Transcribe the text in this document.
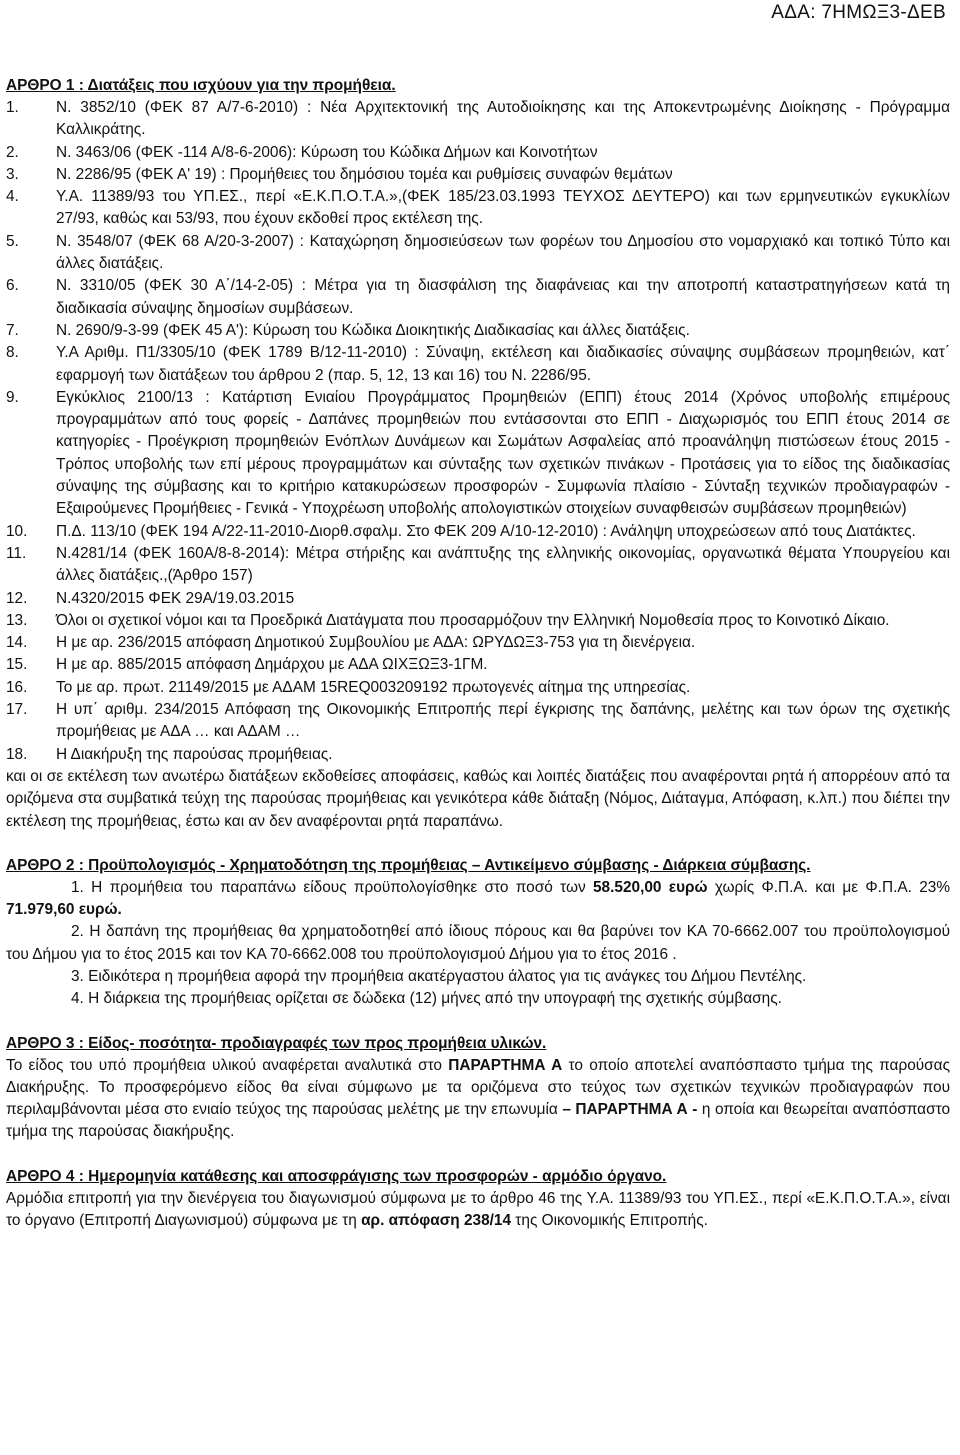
ΑΔΑ: 7ΗΜΩΞ3-ΔΕΒ

ΑΡΘΡΟ 1 : Διατάξεις που ισχύουν για την προμήθεια.

1.	Ν. 3852/10 (ΦΕΚ 87 Α/7-6-2010) : Νέα Αρχιτεκτονική της Αυτοδιοίκησης και της Αποκεντρωμένης Διοίκησης - Πρόγραμμα Καλλικράτης.
2.	Ν. 3463/06 (ΦΕΚ -114 Α/8-6-2006): Κύρωση του Κώδικα Δήμων και Κοινοτήτων
3.	Ν. 2286/95 (ΦΕΚ Α' 19) : Προμήθειες του δημόσιου τομέα και ρυθμίσεις συναφών θεμάτων
4.	Υ.Α. 11389/93 του ΥΠ.ΕΣ., περί «Ε.Κ.Π.Ο.Τ.Α.»,(ΦΕΚ 185/23.03.1993 ΤΕΥΧΟΣ ΔΕΥΤΕΡΟ) και των ερμηνευτικών εγκυκλίων 27/93, καθώς και 53/93, που έχουν εκδοθεί προς εκτέλεση της.
5.	Ν. 3548/07 (ΦΕΚ 68 Α/20-3-2007) : Καταχώρηση δημοσιεύσεων των φορέων του Δημοσίου στο νομαρχιακό και τοπικό Τύπο και άλλες διατάξεις.
6.	Ν. 3310/05 (ΦΕΚ 30 Α΄/14-2-05) : Μέτρα για τη διασφάλιση της διαφάνειας και την αποτροπή καταστρατηγήσεων κατά τη διαδικασία σύναψης δημοσίων συμβάσεων.
7.	Ν. 2690/9-3-99 (ΦΕΚ 45 Α'): Κύρωση του Κώδικα Διοικητικής Διαδικασίας και άλλες διατάξεις.
8.	Υ.Α Αριθμ. Π1/3305/10 (ΦΕΚ 1789 Β/12-11-2010) : Σύναψη, εκτέλεση και διαδικασίες σύναψης συμβάσεων προμηθειών, κατ΄ εφαρμογή των διατάξεων του άρθρου 2 (παρ. 5, 12, 13 και 16) του Ν. 2286/95.
9.	Εγκύκλιος 2100/13 : Κατάρτιση Ενιαίου Προγράμματος Προμηθειών (ΕΠΠ) έτους 2014 (Χρόνος υποβολής επιμέρους προγραμμάτων από τους φορείς - Δαπάνες προμηθειών που εντάσσονται στο ΕΠΠ - Διαχωρισμός του ΕΠΠ έτους 2014 σε κατηγορίες - Προέγκριση προμηθειών Ενόπλων Δυνάμεων και Σωμάτων Ασφαλείας από προανάληψη πιστώσεων έτους 2015 - Τρόπος υποβολής των επί μέρους προγραμμάτων και σύνταξης των σχετικών πινάκων - Προτάσεις για το είδος της διαδικασίας σύναψης της σύμβασης και το κριτήριο κατακυρώσεων προσφορών - Συμφωνία πλαίσιο - Σύνταξη τεχνικών προδιαγραφών - Εξαιρούμενες Προμήθειες - Γενικά - Υποχρέωση υποβολής απολογιστικών στοιχείων συναφθεισών συμβάσεων προμηθειών)
10.	Π.Δ. 113/10 (ΦΕΚ 194 Α/22-11-2010-Διορθ.σφαλμ. Στο ΦΕΚ 209 Α/10-12-2010) : Ανάληψη υποχρεώσεων από τους Διατάκτες.
11.	Ν.4281/14 (ΦΕΚ 160Α/8-8-2014): Μέτρα στήριξης και ανάπτυξης της ελληνικής οικονομίας, οργανωτικά θέματα Υπουργείου και άλλες διατάξεις.,(Άρθρο 157)
12.	Ν.4320/2015 ΦΕΚ 29Α/19.03.2015
13.	Όλοι οι σχετικοί νόμοι και τα Προεδρικά Διατάγματα που προσαρμόζουν την Ελληνική Νομοθεσία προς το Κοινοτικό Δίκαιο.
14.	Η με αρ. 236/2015 απόφαση Δημοτικού Συμβουλίου με ΑΔΑ: ΩΡΥΔΩΞ3-753 για τη διενέργεια.
15.	Η με αρ. 885/2015 απόφαση Δημάρχου με ΑΔΑ ΩΙΧΞΩΞ3-1ΓΜ.
16.	Το με αρ. πρωτ. 21149/2015 με ΑΔΑΜ 15REQ003209192 πρωτογενές αίτημα της υπηρεσίας.
17.	Η υπ΄ αριθμ. 234/2015 Απόφαση της Οικονομικής Επιτροπής περί έγκρισης της δαπάνης, μελέτης και των όρων της σχετικής προμήθειας με ΑΔΑ … και ΑΔΑΜ …
18.	Η Διακήρυξη της παρούσας προμήθειας.

και οι σε εκτέλεση των ανωτέρω διατάξεων εκδοθείσες αποφάσεις, καθώς και λοιπές διατάξεις που αναφέρονται ρητά ή απορρέουν από τα οριζόμενα στα συμβατικά τεύχη της παρούσας προμήθειας και γενικότερα κάθε διάταξη (Νόμος, Διάταγμα, Απόφαση, κ.λπ.) που διέπει την εκτέλεση της προμήθειας, έστω και αν δεν αναφέρονται ρητά παραπάνω.

ΑΡΘΡΟ 2 : Προϋπολογισμός - Χρηματοδότηση της προμήθειας – Αντικείμενο σύμβασης - Διάρκεια σύμβασης.

1. Η προμήθεια του παραπάνω είδους προϋπολογίσθηκε στο ποσό των 58.520,00 ευρώ χωρίς Φ.Π.Α. και με Φ.Π.Α. 23% 71.979,60 ευρώ.

2. Η δαπάνη της προμήθειας θα χρηματοδοτηθεί από ίδιους πόρους και θα βαρύνει τον ΚΑ 70-6662.007 του προϋπολογισμού του Δήμου για το έτος 2015 και τον ΚΑ 70-6662.008 του προϋπολογισμού Δήμου για το έτος 2016 .

3. Ειδικότερα η προμήθεια αφορά την προμήθεια ακατέργαστου άλατος για τις ανάγκες του Δήμου Πεντέλης.

4. Η διάρκεια της προμήθειας ορίζεται σε δώδεκα (12) μήνες από την υπογραφή της σχετικής σύμβασης.

ΑΡΘΡΟ 3 : Είδος- ποσότητα- προδιαγραφές των προς προμήθεια υλικών.

Το είδος του υπό προμήθεια υλικού αναφέρεται αναλυτικά στο ΠΑΡΑΡΤΗΜΑ Α το οποίο αποτελεί αναπόσπαστο τμήμα της παρούσας Διακήρυξης. Το προσφερόμενο είδος θα είναι σύμφωνο με τα οριζόμενα στο τεύχος των σχετικών τεχνικών προδιαγραφών που περιλαμβάνονται μέσα στο ενιαίο τεύχος της παρούσας μελέτης με την επωνυμία – ΠΑΡΑΡΤΗΜΑ Α - η οποία και θεωρείται αναπόσπαστο τμήμα της παρούσας διακήρυξης.

ΑΡΘΡΟ 4 : Ημερομηνία κατάθεσης και αποσφράγισης των προσφορών - αρμόδιο όργανο.

Αρμόδια επιτροπή για την διενέργεια του διαγωνισμού σύμφωνα με το άρθρο 46 της Υ.Α. 11389/93 του ΥΠ.ΕΣ., περί «Ε.Κ.Π.Ο.Τ.Α.», είναι το όργανο (Επιτροπή Διαγωνισμού) σύμφωνα με τη αρ. απόφαση 238/14 της Οικονομικής Επιτροπής.
